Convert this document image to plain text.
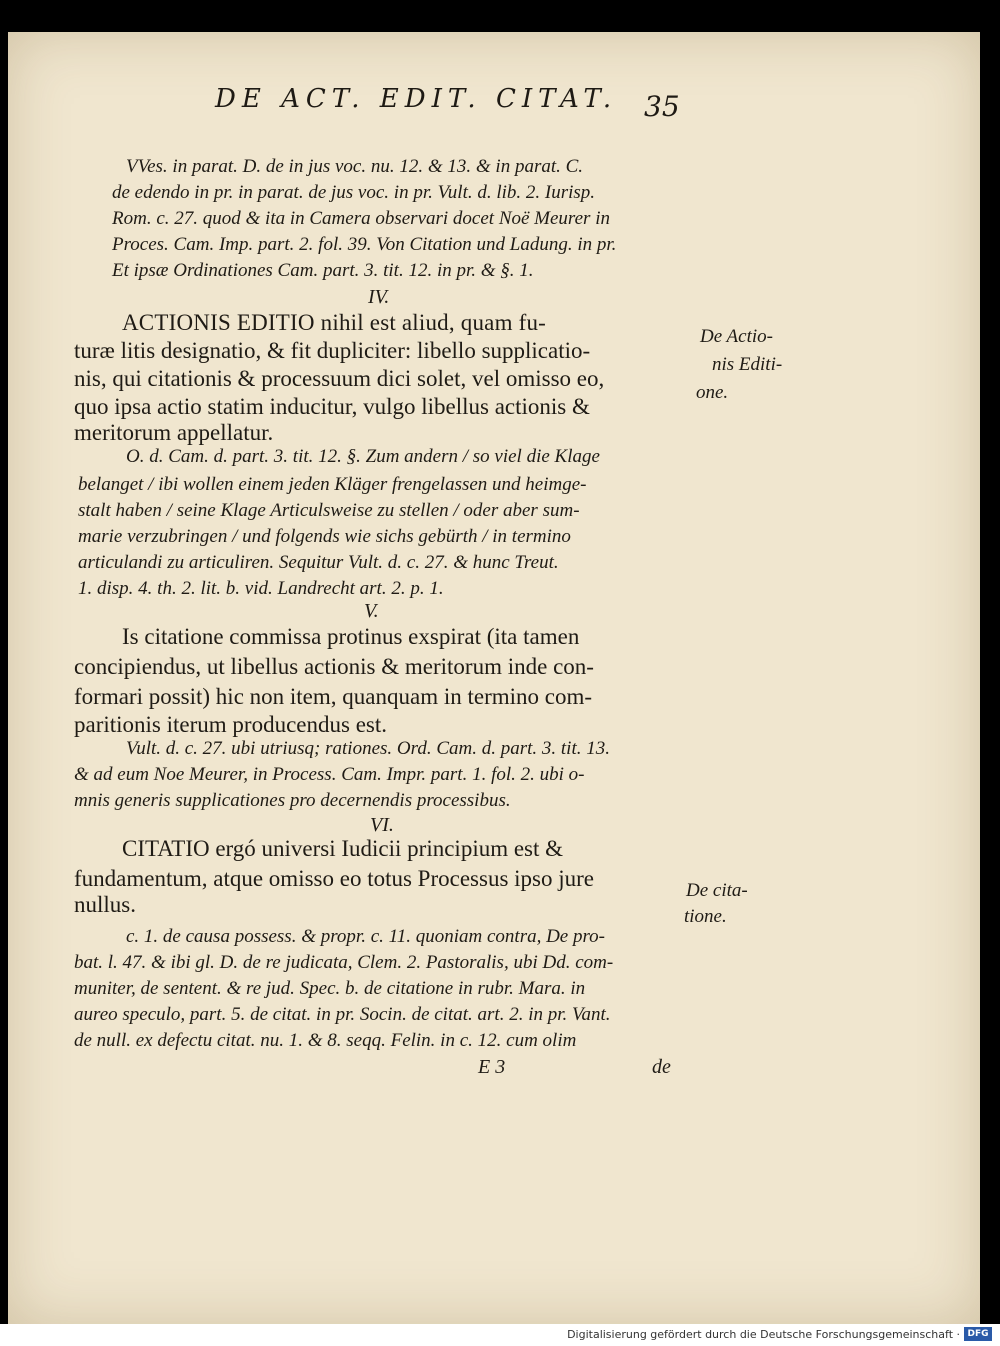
DE ACT. EDIT. CITAT. 35
VVes. in parat. D. de in jus voc. nu. 12. & 13. & in parat. C.
de edendo in pr. in parat. de jus voc. in pr. Vult. d. lib. 2. Iurisp.
Rom. c. 27. quod & ita in Camera observari docet Noë Meurer in
Proces. Cam. Imp. part. 2. fol. 39. Von Citation und Ladung. in pr.
Et ipsæ Ordinationes Cam. part. 3. tit. 12. in pr. & §. 1.
IV.
ACTIONIS EDITIO nihil est aliud, quam fu-
turæ litis designatio, & fit dupliciter: libello supplicatio-
nis, qui citationis & processuum dici solet, vel omisso eo,
quo ipsa actio statim inducitur, vulgo libellus actionis &
meritorum appellatur.
O. d. Cam. d. part. 3. tit. 12. §. Zum andern / so viel die Klage
belanget / ibi wollen einem jeden Kläger frengelassen und heimge-
stalt haben / seine Klage Articulsweise zu stellen / oder aber sum-
marie verzubringen / und folgends wie sichs gebürth / in termino
articulandi zu articuliren. Sequitur Vult. d. c. 27. & hunc Treut.
1. disp. 4. th. 2. lit. b. vid. Landrecht art. 2. p. 1.
V.
Is citatione commissa protinus exspirat (ita tamen
concipiendus, ut libellus actionis & meritorum inde con-
formari possit) hic non item, quanquam in termino com-
paritionis iterum producendus est.
Vult. d. c. 27. ubi utriusq; rationes. Ord. Cam. d. part. 3. tit. 13.
& ad eum Noe Meurer, in Process. Cam. Impr. part. 1. fol. 2. ubi o-
mnis generis supplicationes pro decernendis processibus.
VI.
CITATIO ergó universi Iudicii principium est &
fundamentum, atque omisso eo totus Processus ipso jure
nullus.
c. 1. de causa possess. & propr. c. 11. quoniam contra, De pro-
bat. l. 47. & ibi gl. D. de re judicata, Clem. 2. Pastoralis, ubi Dd. com-
muniter, de sentent. & re jud. Spec. b. de citatione in rubr. Mara. in
aureo speculo, part. 5. de citat. in pr. Socin. de citat. art. 2. in pr. Vant.
de null. ex defectu citat. nu. 1. & 8. seqq. Felin. in c. 12. cum olim
E 3	de
De Actio-
nis Editi-
one.
De cita-
tione.
Digitalisierung gefördert durch die Deutsche Forschungsgemeinschaft · DFG
